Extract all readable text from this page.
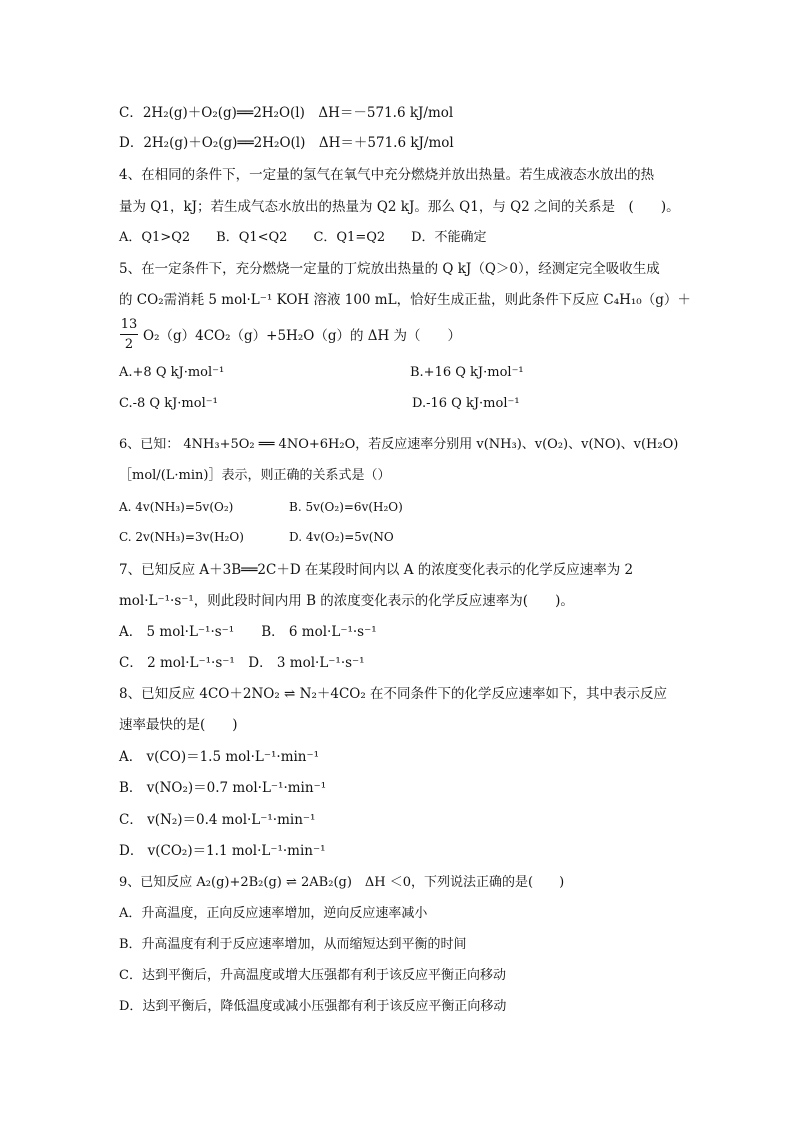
C．2H₂(g)＋O₂(g)══2H₂O(l)　ΔH＝－571.6 kJ/mol
D．2H₂(g)＋O₂(g)══2H₂O(l)　ΔH＝＋571.6 kJ/mol
4、在相同的条件下，一定量的氢气在氧气中充分燃烧并放出热量。若生成液态水放出的热
量为 Q1，kJ；若生成气态水放出的热量为 Q2 kJ。那么 Q1，与 Q2 之间的关系是　(　　)。
A．Q1>Q2　　B．Q1<Q2　　C．Q1=Q2　　D．不能确定
5、在一定条件下，充分燃烧一定量的丁烷放出热量的 Q kJ（Q＞0），经测定完全吸收生成
的 CO₂需消耗 5 mol·L⁻¹ KOH 溶液 100 mL，恰好生成正盐，则此条件下反应 C₄H₁₀（g）＋
13
2
O₂（g）4CO₂（g）+5H₂O（g）的 ΔH 为（　　）
A.+8 Q kJ·mol⁻¹	B.+16 Q kJ·mol⁻¹
C.-8 Q kJ·mol⁻¹	D.-16 Q kJ·mol⁻¹
6、已知： 4NH₃+5O₂ ══ 4NO+6H₂O，若反应速率分别用 v(NH₃)、v(O₂)、v(NO)、v(H₂O)
［mol/(L·min)］表示，则正确的关系式是（）
A. 4v(NH₃)=5v(O₂)	B. 5v(O₂)=6v(H₂O)
C. 2v(NH₃)=3v(H₂O)	D. 4v(O₂)=5v(NO
7、已知反应 A＋3B══2C＋D 在某段时间内以 A 的浓度变化表示的化学反应速率为 2
mol·L⁻¹·s⁻¹，则此段时间内用 B 的浓度变化表示的化学反应速率为(　　)。
A． 5 mol·L⁻¹·s⁻¹　　B． 6 mol·L⁻¹·s⁻¹
C． 2 mol·L⁻¹·s⁻¹　D． 3 mol·L⁻¹·s⁻¹
8、已知反应 4CO＋2NO₂ ⇌ N₂＋4CO₂ 在不同条件下的化学反应速率如下，其中表示反应
速率最快的是(　　)
A． v(CO)＝1.5 mol·L⁻¹·min⁻¹
B． v(NO₂)＝0.7 mol·L⁻¹·min⁻¹
C． v(N₂)＝0.4 mol·L⁻¹·min⁻¹
D． v(CO₂)＝1.1 mol·L⁻¹·min⁻¹
9、已知反应 A₂(g)+2B₂(g) ⇌ 2AB₂(g)　ΔH ＜0，下列说法正确的是(　　)
A．升高温度，正向反应速率增加，逆向反应速率减小
B．升高温度有利于反应速率增加，从而缩短达到平衡的时间
C．达到平衡后，升高温度或增大压强都有利于该反应平衡正向移动
D．达到平衡后，降低温度或减小压强都有利于该反应平衡正向移动
